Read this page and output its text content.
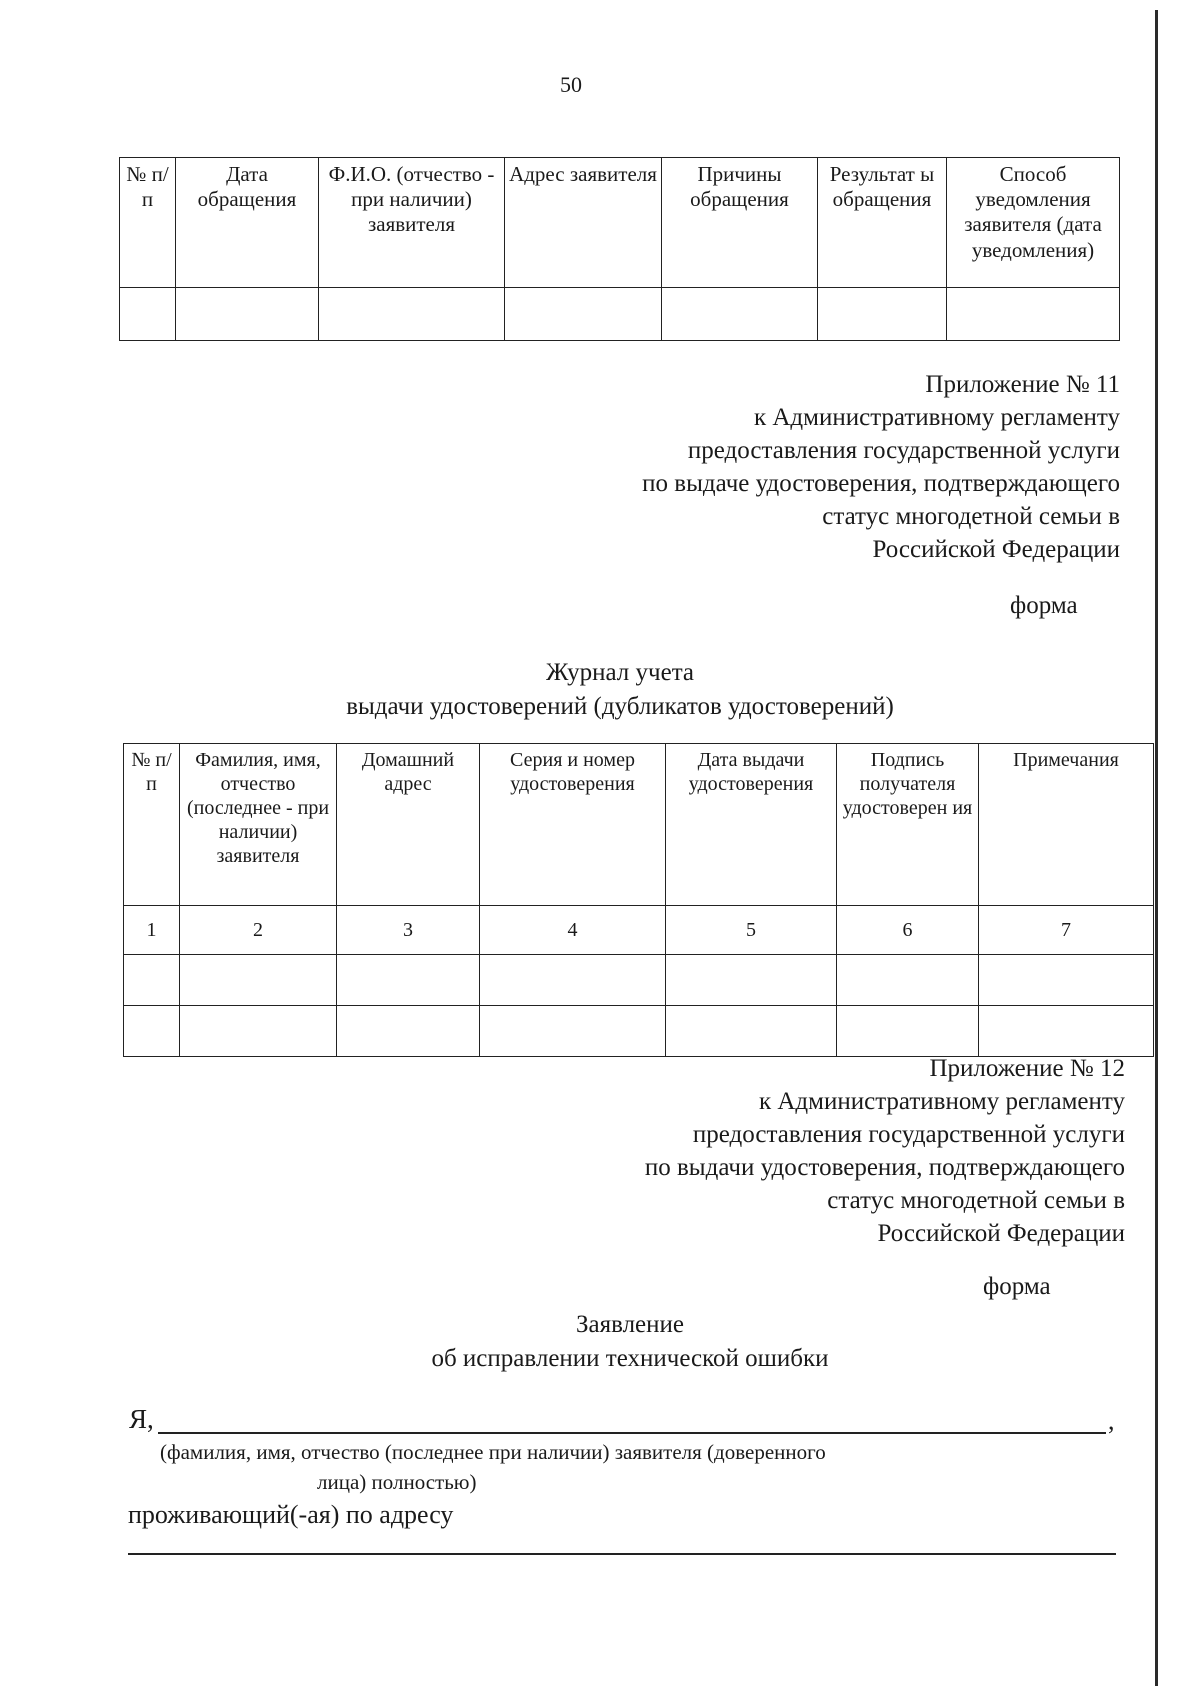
50
№ п/п	Дата обращения	Ф.И.О. (отчество - при наличии) заявителя	Адрес заявителя	Причины обращения	Результат ы обращения	Способ уведомления заявителя (дата уведомления)

Приложение № 11
к Административному регламенту
предоставления государственной услуги
по выдаче удостоверения, подтверждающего
статус многодетной семьи в
Российской Федерации
форма
Журнал учета
выдачи удостоверений (дубликатов удостоверений)
№ п/п	Фамилия, имя, отчество (последнее - при наличии) заявителя	Домашний адрес	Серия и номер удостоверения	Дата выдачи удостоверения	Подпись получателя удостоверен ия	Примечания
1	2	3	4	5	6	7

Приложение № 12
к Административному регламенту
предоставления государственной услуги
по выдачи удостоверения, подтверждающего
статус многодетной семьи в
Российской Федерации
форма
Заявление
об исправлении технической ошибки
Я,	,
(фамилия, имя, отчество (последнее при наличии) заявителя (доверенного
лица) полностью)
проживающий(-ая) по адресу
